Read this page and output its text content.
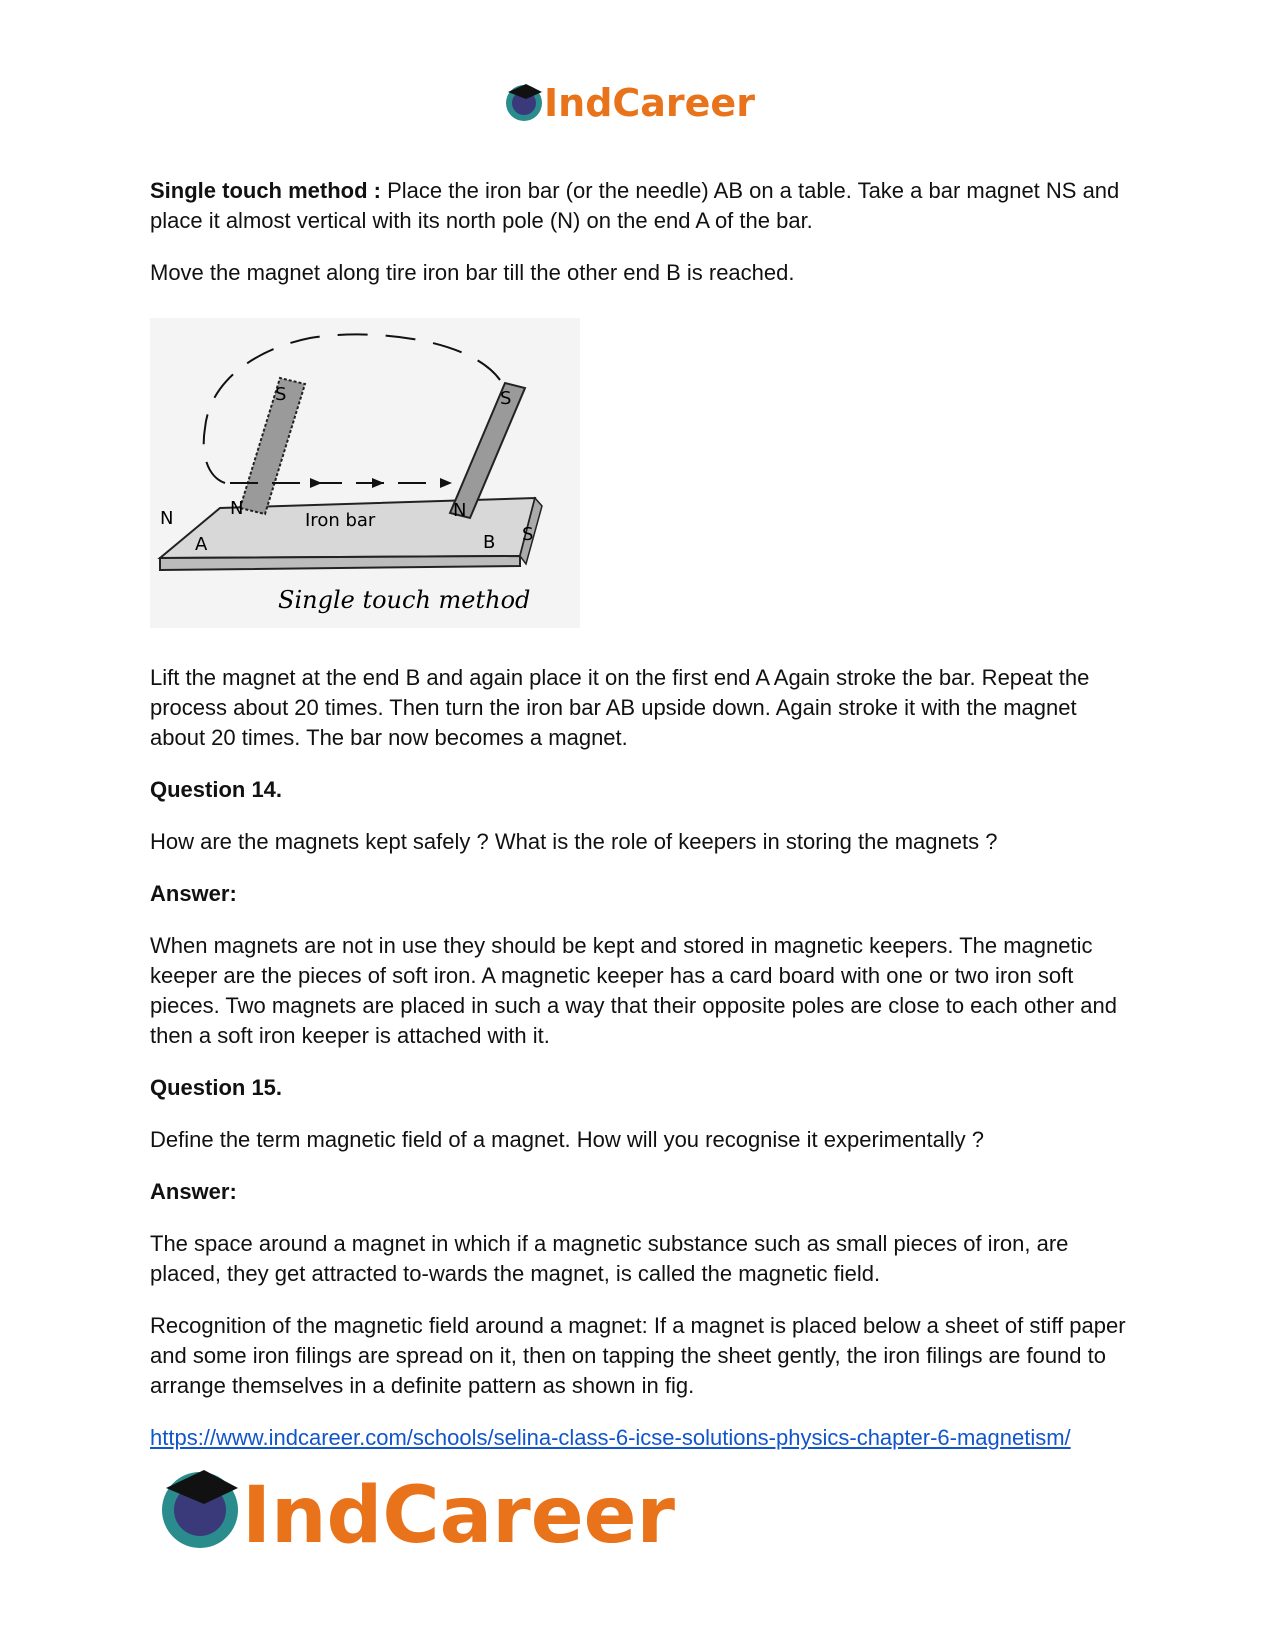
IndCareer

Single touch method : Place the iron bar (or the needle) AB on a table. Take a bar magnet NS and place it almost vertical with its north pole (N) on the end A of the bar.

Move the magnet along tire iron bar till the other end B is reached.

S	S
N	N
N
A	B S
Iron bar
Single touch method

Lift the magnet at the end B and again place it on the first end A Again stroke the bar. Repeat the process about 20 times. Then turn the iron bar AB upside down. Again stroke it with the magnet about 20 times. The bar now becomes a magnet.

Question 14.

How are the magnets kept safely ? What is the role of keepers in storing the magnets ?

Answer:

When magnets are not in use they should be kept and stored in magnetic keepers. The magnetic keeper are the pieces of soft iron. A magnetic keeper has a card board with one or two iron soft pieces. Two magnets are placed in such a way that their opposite poles are close to each other and then a soft iron keeper is attached with it.

Question 15.

Define the term magnetic field of a magnet. How will you recognise it experimentally ?

Answer:

The space around a magnet in which if a magnetic substance such as small pieces of iron, are placed, they get attracted to-wards the magnet, is called the magnetic field.

Recognition of the magnetic field around a magnet: If a magnet is placed below a sheet of stiff paper and some iron filings are spread on it, then on tapping the sheet gently, the iron filings are found to arrange themselves in a definite pattern as shown in fig.

https://www.indcareer.com/schools/selina-class-6-icse-solutions-physics-chapter-6-magnetism/
IndCareer
